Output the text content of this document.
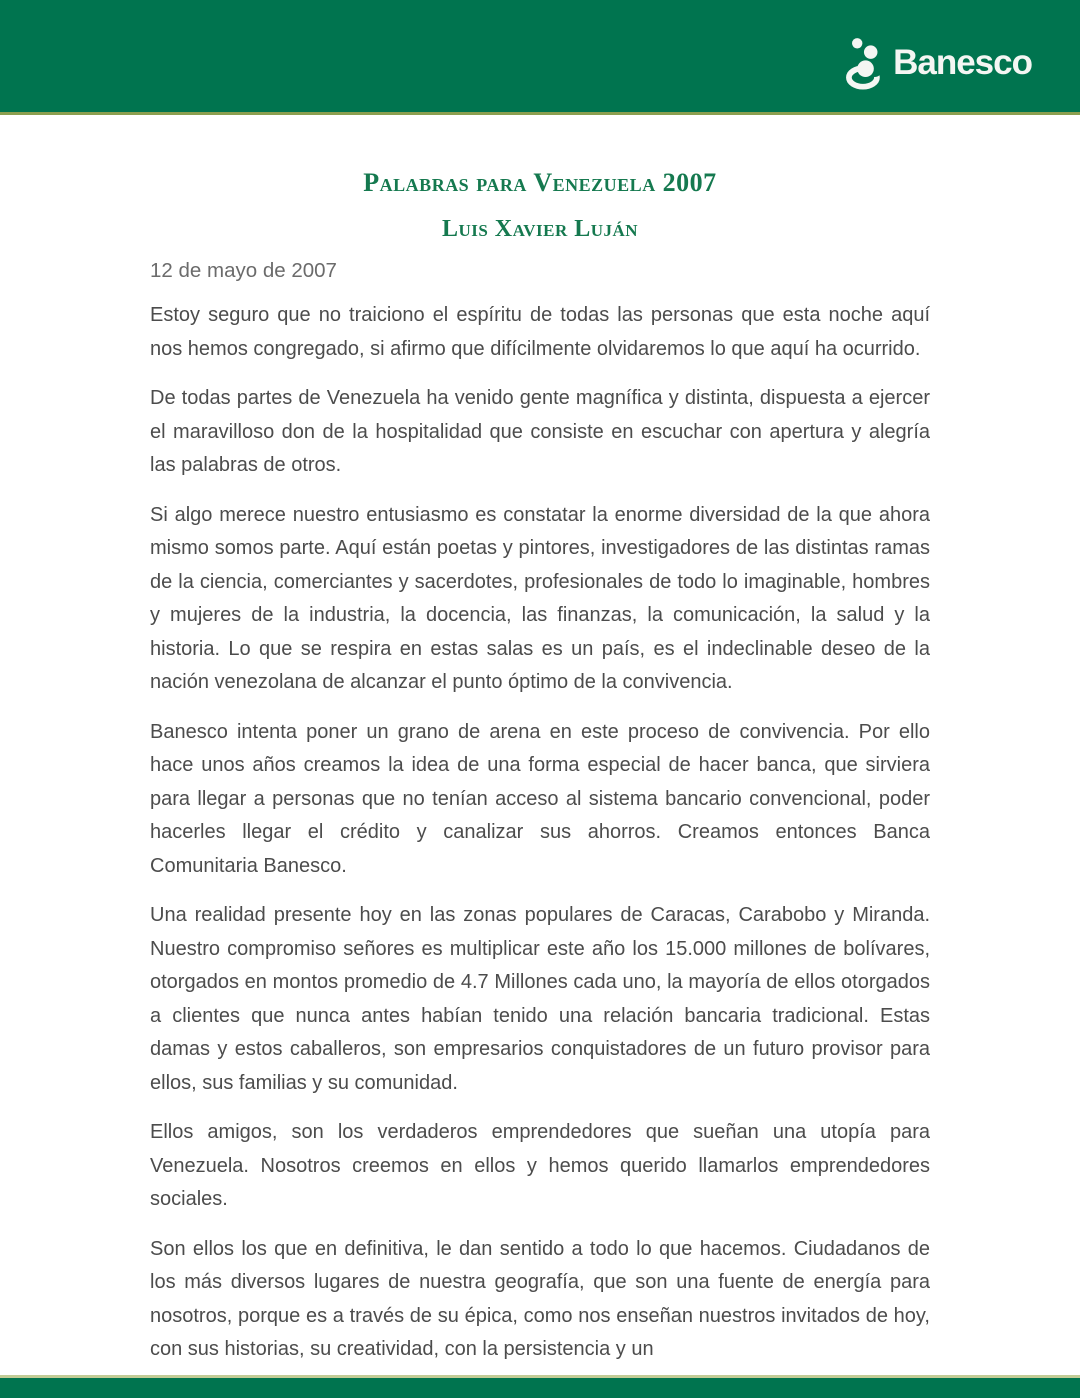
Banesco
Palabras para Venezuela 2007
Luis Xavier Luján
12 de mayo de 2007

Estoy seguro que no traiciono el espíritu de todas las personas que esta noche aquí nos hemos congregado, si afirmo que difícilmente olvidaremos lo que aquí ha ocurrido.

De todas partes de Venezuela ha venido gente magnífica y distinta, dispuesta a ejercer el maravilloso don de la hospitalidad que consiste en escuchar con apertura y alegría las palabras de otros.

Si algo merece nuestro entusiasmo es constatar la enorme diversidad de la que ahora mismo somos parte. Aquí están poetas y pintores, investigadores de las distintas ramas de la ciencia, comerciantes y sacerdotes, profesionales de todo lo imaginable, hombres y mujeres de la industria, la docencia, las finanzas, la comunicación, la salud y la historia. Lo que se respira en estas salas es un país, es el indeclinable deseo de la nación venezolana de alcanzar el punto óptimo de la convivencia.

Banesco intenta poner un grano de arena en este proceso de convivencia. Por ello hace unos años creamos la idea de una forma especial de hacer banca, que sirviera para llegar a personas que no tenían acceso al sistema bancario convencional, poder hacerles llegar el crédito y canalizar sus ahorros. Creamos entonces Banca Comunitaria Banesco.

Una realidad presente hoy en las zonas populares de Caracas, Carabobo y Miranda. Nuestro compromiso señores es multiplicar este año los 15.000 millones de bolívares, otorgados en montos promedio de 4.7 Millones cada uno, la mayoría de ellos otorgados a clientes que nunca antes habían tenido una relación bancaria tradicional. Estas damas y estos caballeros, son empresarios conquistadores de un futuro provisor para ellos, sus familias y su comunidad.

Ellos amigos, son los verdaderos emprendedores que sueñan una utopía para Venezuela. Nosotros creemos en ellos y hemos querido llamarlos emprendedores sociales.

Son ellos los que en definitiva, le dan sentido a todo lo que hacemos. Ciudadanos de los más diversos lugares de nuestra geografía, que son una fuente de energía para nosotros, porque es a través de su épica, como nos enseñan nuestros invitados de hoy, con sus historias, su creatividad, con la persistencia y un
